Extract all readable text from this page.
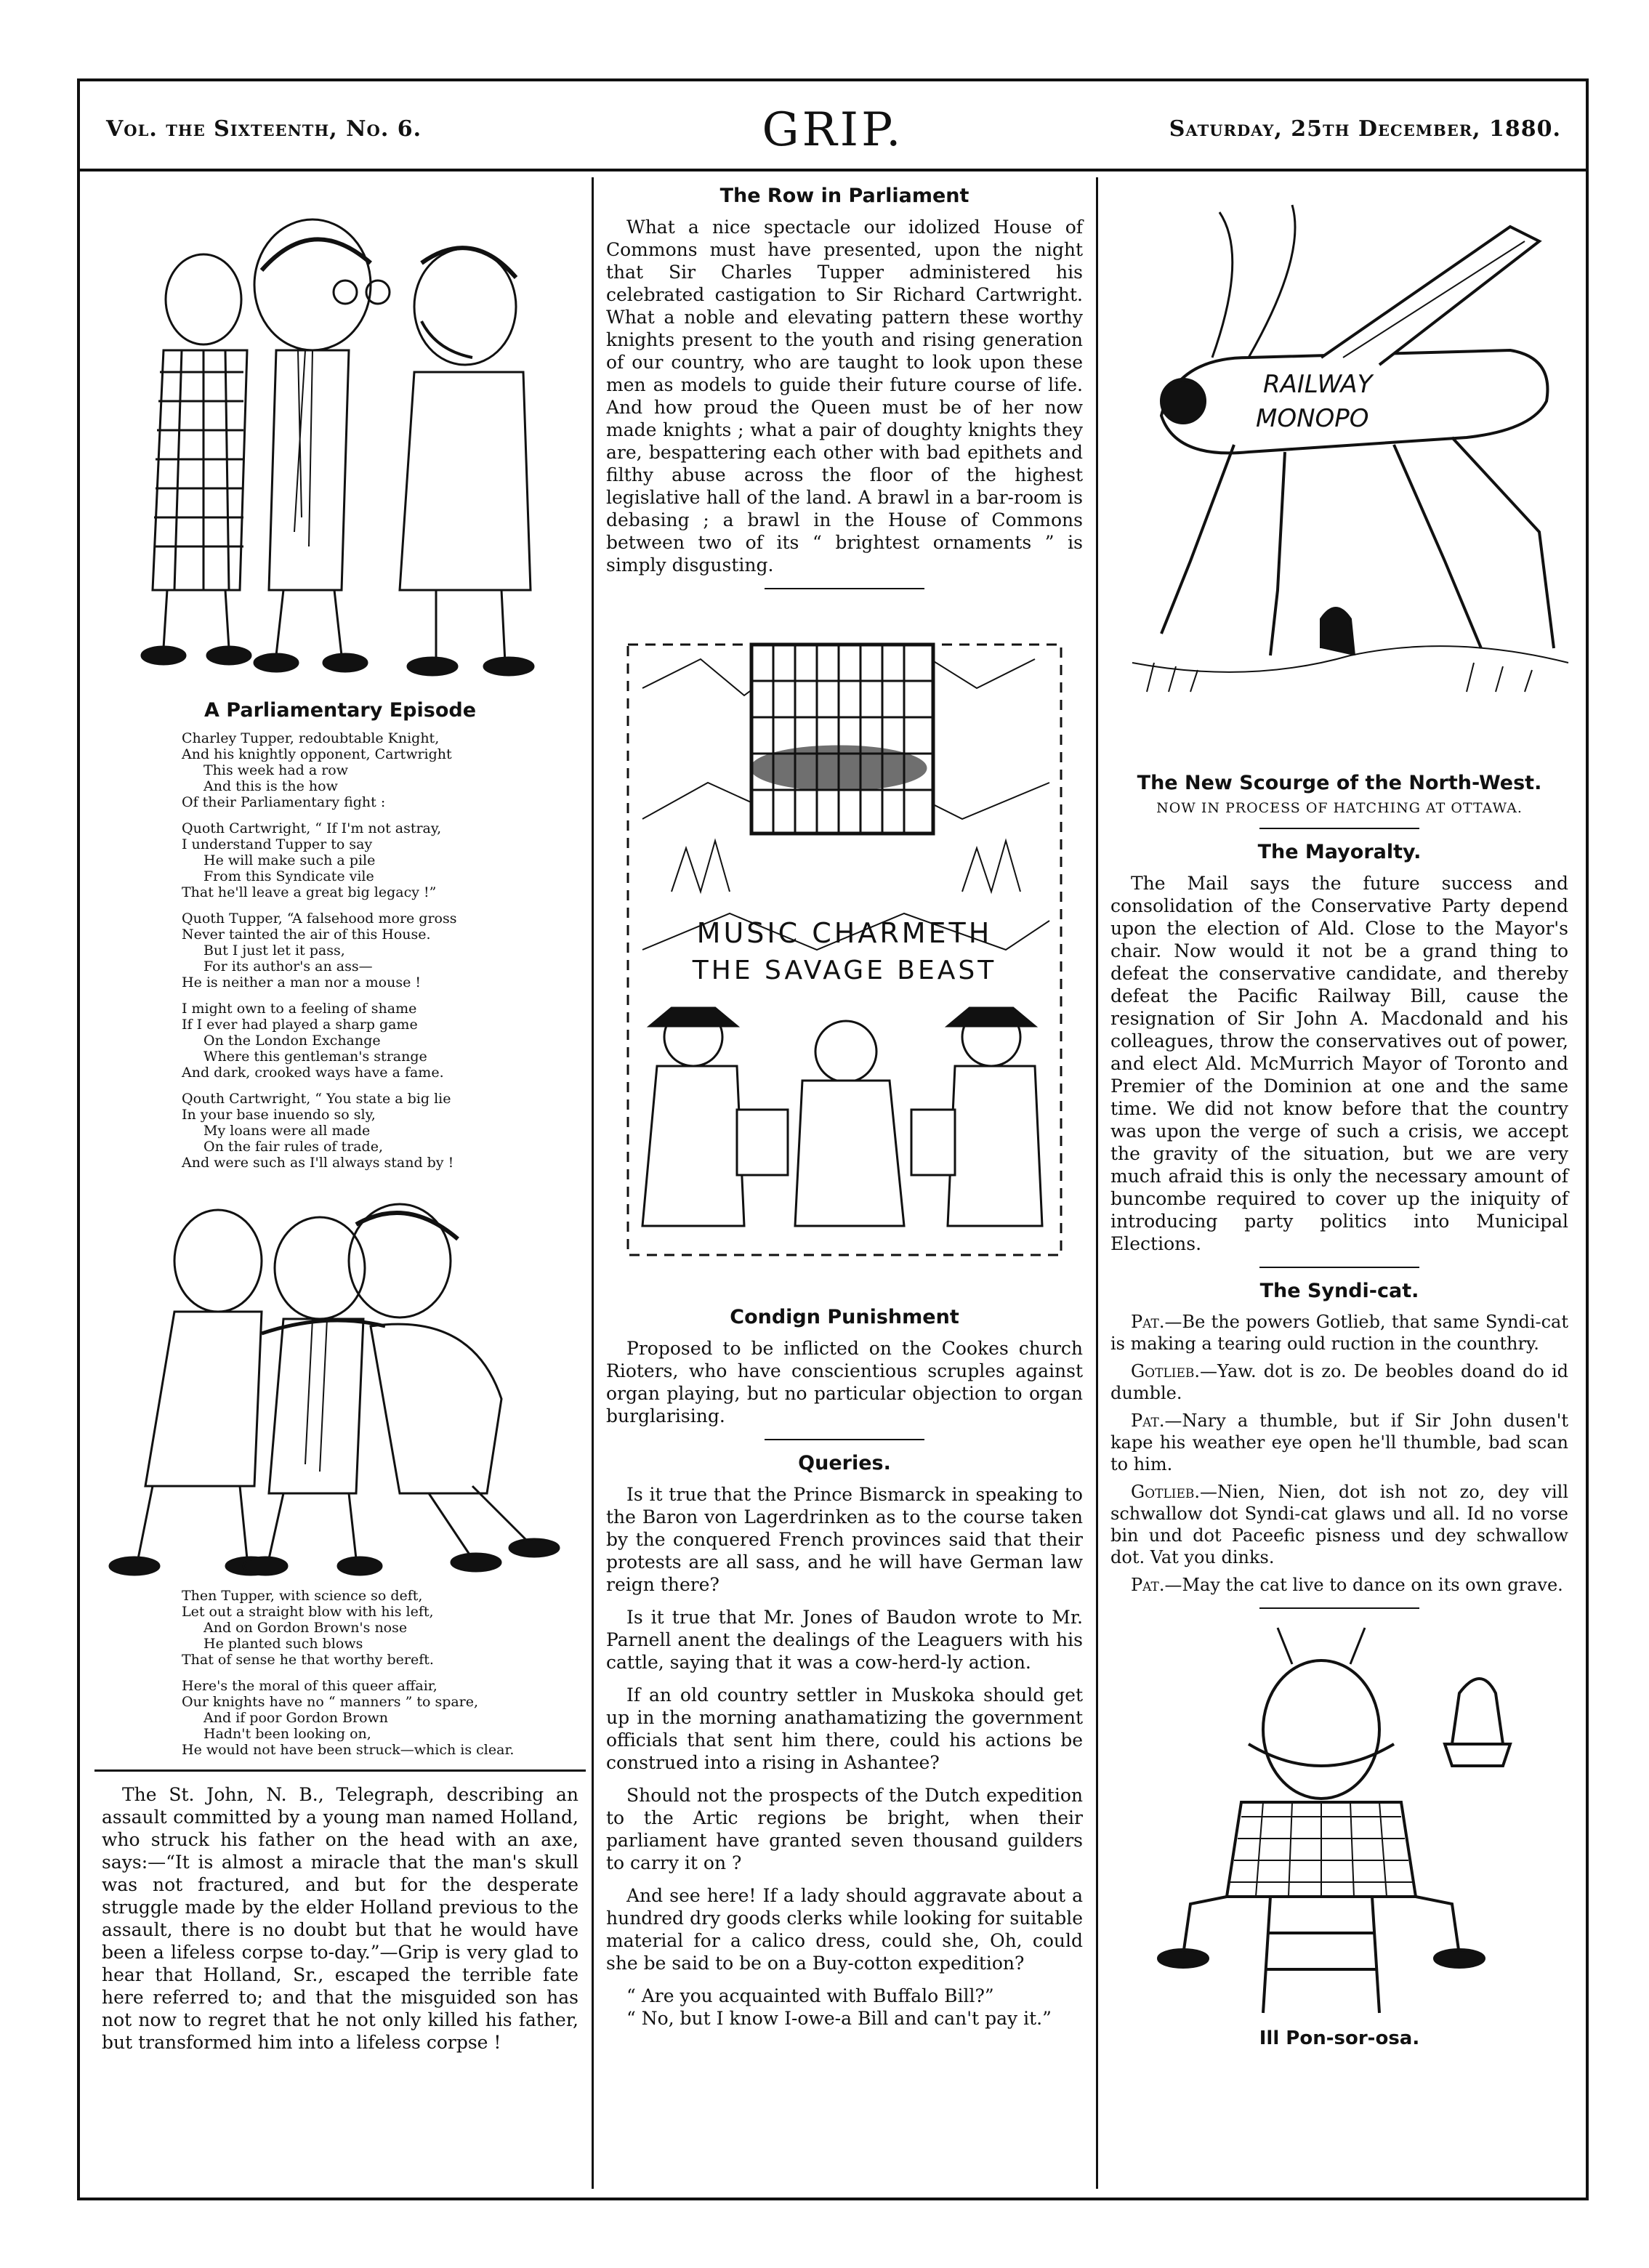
Vol. the Sixteenth, No. 6.	GRIP.	Saturday, 25th December, 1880.
A Parliamentary Episode
Charley Tupper, redoubtable Knight,
And his knightly opponent, Cartwright
This week had a row
And this is the how
Of their Parliamentary fight :
Quoth Cartwright, “ If I'm not astray,
I understand Tupper to say
He will make such a pile
From this Syndicate vile
That he'll leave a great big legacy !”
Quoth Tupper, “A falsehood more gross
Never tainted the air of this House.
But I just let it pass,
For its author's an ass—
He is neither a man nor a mouse !
I might own to a feeling of shame
If I ever had played a sharp game
On the London Exchange
Where this gentleman's strange
And dark, crooked ways have a fame.
Qouth Cartwright, “ You state a big lie
In your base inuendo so sly,
My loans were all made
On the fair rules of trade,
And were such as I'll always stand by !
Then Tupper, with science so deft,
Let out a straight blow with his left,
And on Gordon Brown's nose
He planted such blows
That of sense he that worthy bereft.
Here's the moral of this queer affair,
Our knights have no “ manners ” to spare,
And if poor Gordon Brown
Hadn't been looking on,
He would not have been struck—which is clear.

The St. John, N. B., Telegraph, describing an assault committed by a young man named Holland, who struck his father on the head with an axe, says:—“It is almost a miracle that the man's skull was not fractured, and but for the desperate struggle made by the elder Holland previous to the assault, there is no doubt but that he would have been a lifeless corpse to-day.”—Grip is very glad to hear that Holland, Sr., escaped the terrible fate here referred to; and that the misguided son has not now to regret that he not only killed his father, but transformed him into a lifeless corpse !

The Row in Parliament

What a nice spectacle our idolized House of Commons must have presented, upon the night that Sir Charles Tupper administered his celebrated castigation to Sir Richard Cartwright. What a noble and elevating pattern these worthy knights present to the youth and rising generation of our country, who are taught to look upon these men as models to guide their future course of life. And how proud the Queen must be of her now made knights ; what a pair of doughty knights they are, bespattering each other with bad epithets and filthy abuse across the floor of the highest legislative hall of the land. A brawl in a bar-room is debasing ; a brawl in the House of Commons between two of its “ brightest ornaments ” is simply disgusting.

MUSIC CHARMETH
THE SAVAGE BEAST
Condign Punishment

Proposed to be inflicted on the Cookes church Rioters, who have conscientious scruples against organ playing, but no particular objection to organ burglarising.

Queries.

Is it true that the Prince Bismarck in speaking to the Baron von Lagerdrinken as to the course taken by the conquered French provinces said that their protests are all sass, and he will have German law reign there?

Is it true that Mr. Jones of Baudon wrote to Mr. Parnell anent the dealings of the Leaguers with his cattle, saying that it was a cow-herd-ly action.

If an old country settler in Muskoka should get up in the morning anathamatizing the government officials that sent him there, could his actions be construed into a rising in Ashantee?

Should not the prospects of the Dutch expedition to the Artic regions be bright, when their parliament have granted seven thousand guilders to carry it on ?

And see here! If a lady should aggravate about a hundred dry goods clerks while looking for suitable material for a calico dress, could she, Oh, could she be said to be on a Buy-cotton expedition?

“ Are you acquainted with Buffalo Bill?”

“ No, but I know I-owe-a Bill and can't pay it.”

RAILWAY
MONOPO
The New Scourge of the North-West.
NOW IN PROCESS OF HATCHING AT OTTAWA.
The Mayoralty.

The Mail says the future success and consolidation of the Conservative Party depend upon the election of Ald. Close to the Mayor's chair. Now would it not be a grand thing to defeat the conservative candidate, and thereby defeat the Pacific Railway Bill, cause the resignation of Sir John A. Macdonald and his colleagues, throw the conservatives out of power, and elect Ald. McMurrich Mayor of Toronto and Premier of the Dominion at one and the same time. We did not know before that the country was upon the verge of such a crisis, we accept the gravity of the situation, but we are very much afraid this is only the necessary amount of buncombe required to cover up the iniquity of introducing party politics into Municipal Elections.

The Syndi-cat.

Pat.—Be the powers Gotlieb, that same Syndi-cat is making a tearing ould ruction in the counthry.

Gotlieb.—Yaw. dot is zo. De beobles doand do id dumble.

Pat.—Nary a thumble, but if Sir John dusen't kape his weather eye open he'll thumble, bad scan to him.

Gotlieb.—Nien, Nien, dot ish not zo, dey vill schwallow dot Syndi-cat glaws und all. Id no vorse bin und dot Paceefic pisness und dey schwallow dot. Vat you dinks.

Pat.—May the cat live to dance on its own grave.

Ill Pon-sor-osa.
